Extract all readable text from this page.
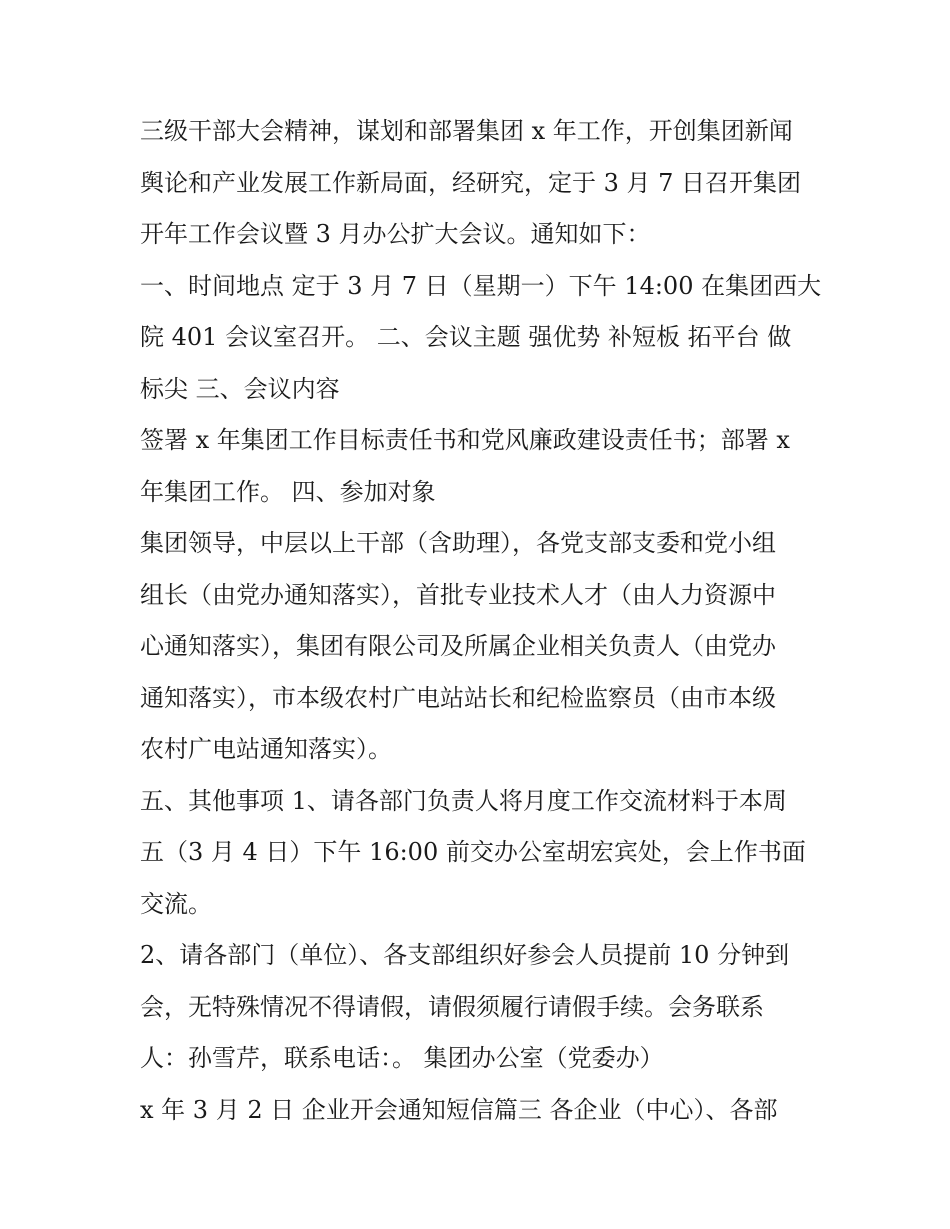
三级干部大会精神，谋划和部署集团 x 年工作，开创集团新闻
舆论和产业发展工作新局面，经研究，定于 3 月 7 日召开集团
开年工作会议暨 3 月办公扩大会议。通知如下：
一、时间地点 定于 3 月 7 日（星期一）下午 14:00 在集团西大
院 401 会议室召开。 二、会议主题 强优势 补短板 拓平台 做
标尖 三、会议内容
签署 x 年集团工作目标责任书和党风廉政建设责任书；部署 x
年集团工作。 四、参加对象
集团领导，中层以上干部（含助理），各党支部支委和党小组
组长（由党办通知落实），首批专业技术人才（由人力资源中
心通知落实），集团有限公司及所属企业相关负责人（由党办
通知落实），市本级农村广电站站长和纪检监察员（由市本级
农村广电站通知落实）。
五、其他事项 1、请各部门负责人将月度工作交流材料于本周
五（3 月 4 日）下午 16:00 前交办公室胡宏宾处，会上作书面
交流。
2、请各部门（单位）、各支部组织好参会人员提前 10 分钟到
会，无特殊情况不得请假，请假须履行请假手续。会务联系
人：孙雪芹，联系电话：。 集团办公室（党委办）
x 年 3 月 2 日 企业开会通知短信篇三 各企业（中心）、各部
